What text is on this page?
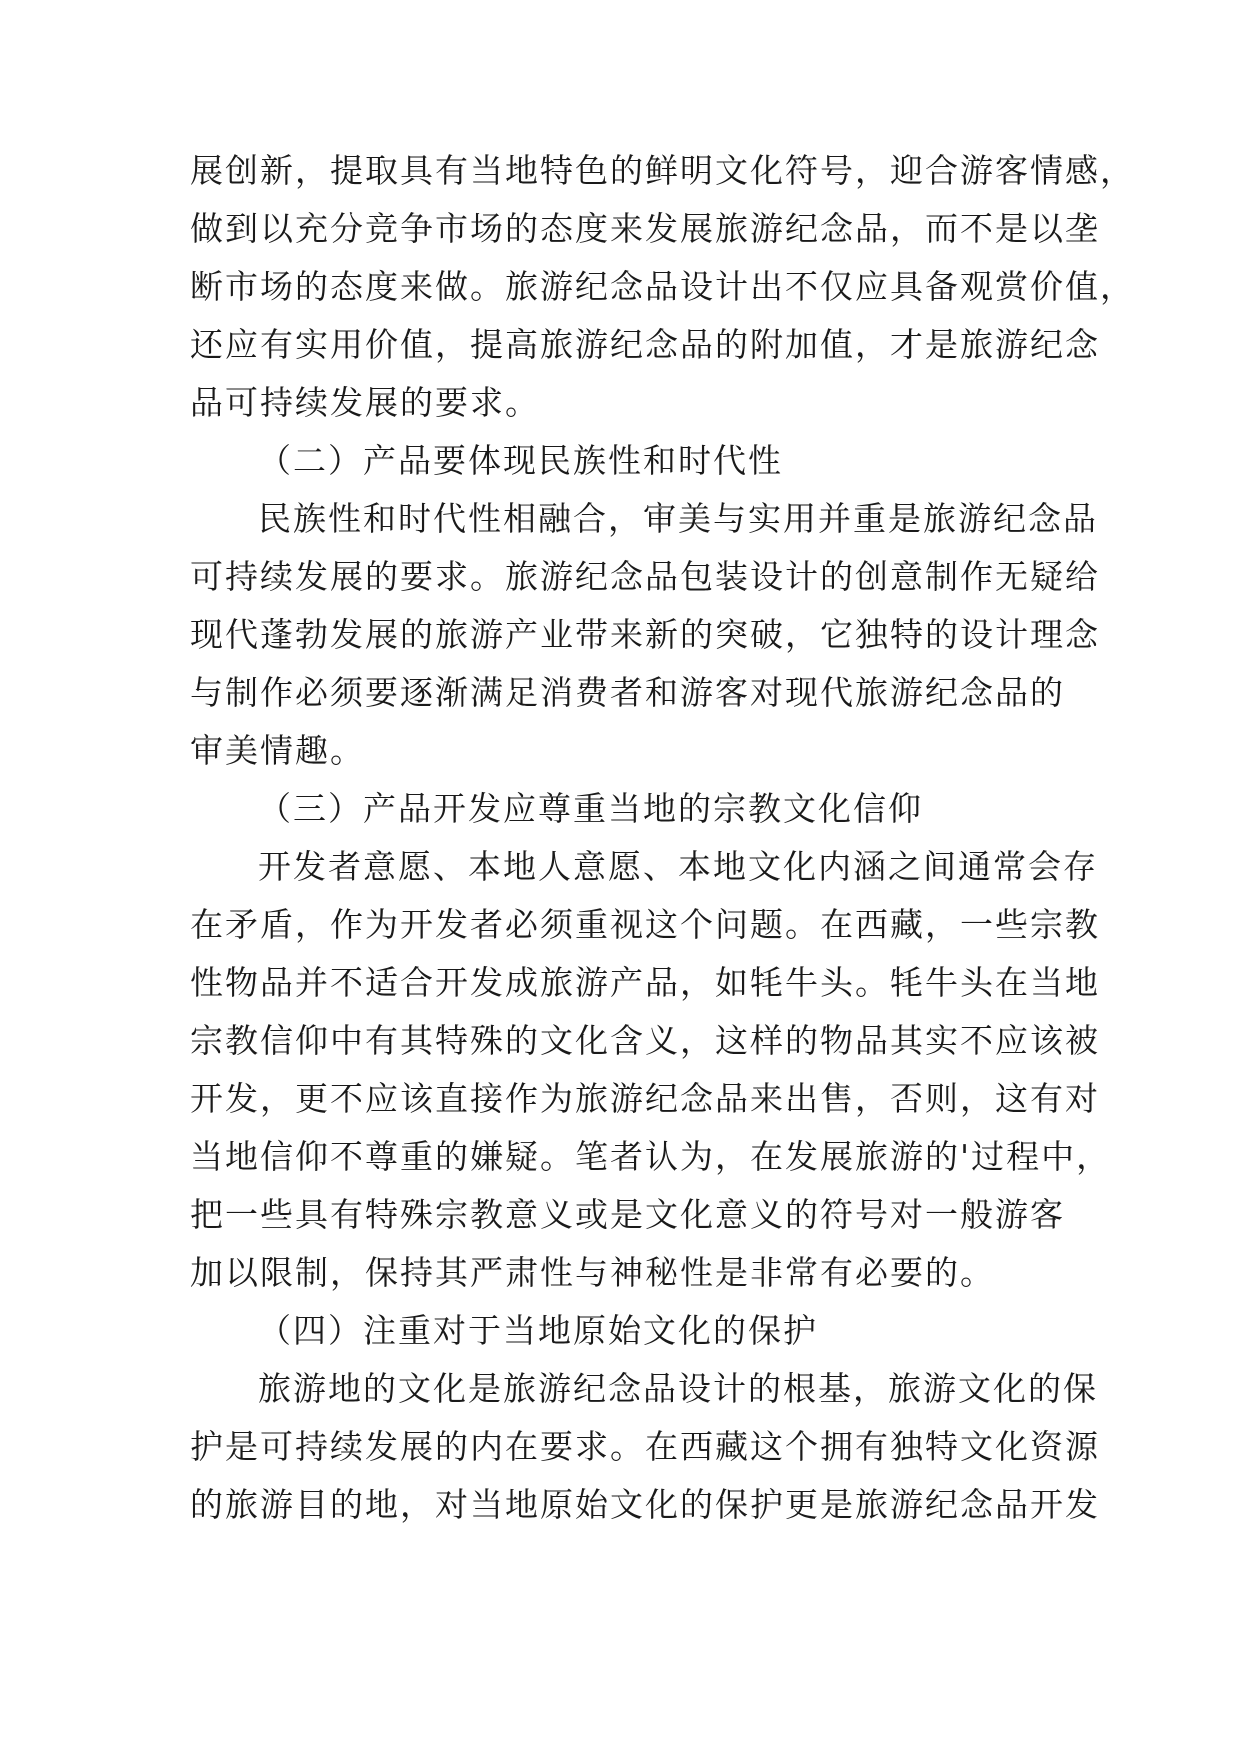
展创新，提取具有当地特色的鲜明文化符号，迎合游客情感，
做到以充分竞争市场的态度来发展旅游纪念品，而不是以垄
断市场的态度来做。旅游纪念品设计出不仅应具备观赏价值，
还应有实用价值，提高旅游纪念品的附加值，才是旅游纪念
品可持续发展的要求。
（二）产品要体现民族性和时代性
民族性和时代性相融合，审美与实用并重是旅游纪念品
可持续发展的要求。旅游纪念品包装设计的创意制作无疑给
现代蓬勃发展的旅游产业带来新的突破，它独特的设计理念
与制作必须要逐渐满足消费者和游客对现代旅游纪念品的
审美情趣。
（三）产品开发应尊重当地的宗教文化信仰
开发者意愿、本地人意愿、本地文化内涵之间通常会存
在矛盾，作为开发者必须重视这个问题。在西藏，一些宗教
性物品并不适合开发成旅游产品，如牦牛头。牦牛头在当地
宗教信仰中有其特殊的文化含义，这样的物品其实不应该被
开发，更不应该直接作为旅游纪念品来出售，否则，这有对
当地信仰不尊重的嫌疑。笔者认为，在发展旅游的'过程中，
把一些具有特殊宗教意义或是文化意义的符号对一般游客
加以限制，保持其严肃性与神秘性是非常有必要的。
（四）注重对于当地原始文化的保护
旅游地的文化是旅游纪念品设计的根基，旅游文化的保
护是可持续发展的内在要求。在西藏这个拥有独特文化资源
的旅游目的地，对当地原始文化的保护更是旅游纪念品开发
